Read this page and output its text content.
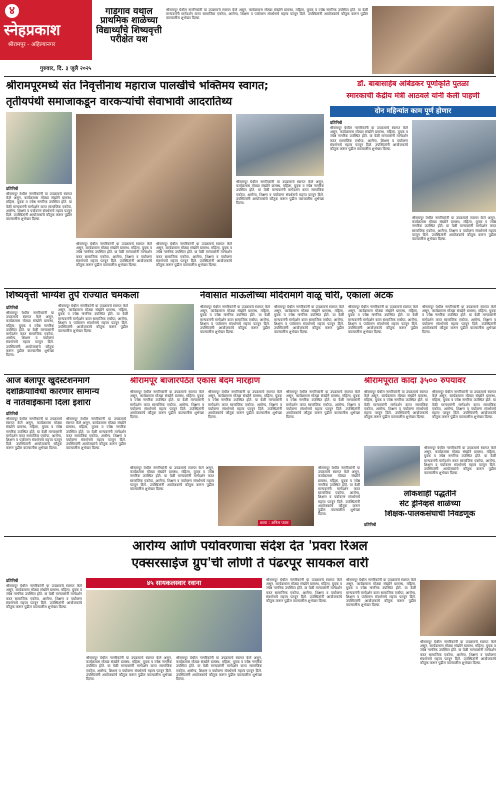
४
स्नेहप्रकाश
श्रीरामपूर - अहिल्यानगर
गुरुवार, दि. ३ जुलै २०२५
गोंडेगाव येथील प्राथमिक शाळेच्या विद्यार्थ्यांचे शिष्यवृत्ती परीक्षेत यश
श्रीरामपूर येथील नागरिकांनी या उपक्रमाचे स्वागत केले असून, कार्यक्रमास मोठ्या संख्येने ग्रामस्थ, महिला, युवक व ज्येष्ठ नागरिक उपस्थित होते. या वेळी मान्यवरांनी मार्गदर्शन करत सामाजिक एकोपा, आरोग्य, शिक्षण व पर्यावरण संवर्धनाचे महत्त्व पटवून दिले. उपस्थितांनी आयोजकांचे कौतुक करून पुढील वाटचालीस शुभेच्छा दिल्या.
श्रीरामपूरमध्ये संत निवृत्तीनाथ महाराज पालखीचे भक्तिमय स्वागत;
तृतीयपंथी समाजाकडून वारकऱ्यांची सेवाभावी आदरातिथ्य
प्रतिनिधी
श्रीरामपूर येथील नागरिकांनी या उपक्रमाचे स्वागत केले असून, कार्यक्रमास मोठ्या संख्येने ग्रामस्थ, महिला, युवक व ज्येष्ठ नागरिक उपस्थित होते. या वेळी मान्यवरांनी मार्गदर्शन करत सामाजिक एकोपा, आरोग्य, शिक्षण व पर्यावरण संवर्धनाचे महत्त्व पटवून दिले. उपस्थितांनी आयोजकांचे कौतुक करून पुढील वाटचालीस शुभेच्छा दिल्या.
श्रीरामपूर येथील नागरिकांनी या उपक्रमाचे स्वागत केले असून, कार्यक्रमास मोठ्या संख्येने ग्रामस्थ, महिला, युवक व ज्येष्ठ नागरिक उपस्थित होते. या वेळी मान्यवरांनी मार्गदर्शन करत सामाजिक एकोपा, आरोग्य, शिक्षण व पर्यावरण संवर्धनाचे महत्त्व पटवून दिले. उपस्थितांनी आयोजकांचे कौतुक करून पुढील वाटचालीस शुभेच्छा दिल्या.
श्रीरामपूर येथील नागरिकांनी या उपक्रमाचे स्वागत केले असून, कार्यक्रमास मोठ्या संख्येने ग्रामस्थ, महिला, युवक व ज्येष्ठ नागरिक उपस्थित होते. या वेळी मान्यवरांनी मार्गदर्शन करत सामाजिक एकोपा, आरोग्य, शिक्षण व पर्यावरण संवर्धनाचे महत्त्व पटवून दिले. उपस्थितांनी आयोजकांचे कौतुक करून पुढील वाटचालीस शुभेच्छा दिल्या.
श्रीरामपूर येथील नागरिकांनी या उपक्रमाचे स्वागत केले असून, कार्यक्रमास मोठ्या संख्येने ग्रामस्थ, महिला, युवक व ज्येष्ठ नागरिक उपस्थित होते. या वेळी मान्यवरांनी मार्गदर्शन करत सामाजिक एकोपा, आरोग्य, शिक्षण व पर्यावरण संवर्धनाचे महत्त्व पटवून दिले. उपस्थितांनी आयोजकांचे कौतुक करून पुढील वाटचालीस शुभेच्छा दिल्या.
डॉ. बाबासाहेब आंबेडकर पूर्णाकृति पुतळा
स्मारकाची केंद्रीय मंत्री आठवले यांनी केली पाहणी
दोन महिन्यांत काम पूर्ण होणार
प्रतिनिधी
श्रीरामपूर येथील नागरिकांनी या उपक्रमाचे स्वागत केले असून, कार्यक्रमास मोठ्या संख्येने ग्रामस्थ, महिला, युवक व ज्येष्ठ नागरिक उपस्थित होते. या वेळी मान्यवरांनी मार्गदर्शन करत सामाजिक एकोपा, आरोग्य, शिक्षण व पर्यावरण संवर्धनाचे महत्त्व पटवून दिले. उपस्थितांनी आयोजकांचे कौतुक करून पुढील वाटचालीस शुभेच्छा दिल्या.
श्रीरामपूर येथील नागरिकांनी या उपक्रमाचे स्वागत केले असून, कार्यक्रमास मोठ्या संख्येने ग्रामस्थ, महिला, युवक व ज्येष्ठ नागरिक उपस्थित होते. या वेळी मान्यवरांनी मार्गदर्शन करत सामाजिक एकोपा, आरोग्य, शिक्षण व पर्यावरण संवर्धनाचे महत्त्व पटवून दिले. उपस्थितांनी आयोजकांचे कौतुक करून पुढील वाटचालीस शुभेच्छा दिल्या.
शिष्यवृत्ती भाग्येश तुपे राज्यात चमकला
प्रतिनिधी
श्रीरामपूर येथील नागरिकांनी या उपक्रमाचे स्वागत केले असून, कार्यक्रमास मोठ्या संख्येने ग्रामस्थ, महिला, युवक व ज्येष्ठ नागरिक उपस्थित होते. या वेळी मान्यवरांनी मार्गदर्शन करत सामाजिक एकोपा, आरोग्य, शिक्षण व पर्यावरण संवर्धनाचे महत्त्व पटवून दिले. उपस्थितांनी आयोजकांचे कौतुक करून पुढील वाटचालीस शुभेच्छा दिल्या.
श्रीरामपूर येथील नागरिकांनी या उपक्रमाचे स्वागत केले असून, कार्यक्रमास मोठ्या संख्येने ग्रामस्थ, महिला, युवक व ज्येष्ठ नागरिक उपस्थित होते. या वेळी मान्यवरांनी मार्गदर्शन करत सामाजिक एकोपा, आरोग्य, शिक्षण व पर्यावरण संवर्धनाचे महत्त्व पटवून दिले. उपस्थितांनी आयोजकांचे कौतुक करून पुढील वाटचालीस शुभेच्छा दिल्या.
नेवासात माऊलींच्या मंदिरामागे वाळू चोरी, एकाला अटक
श्रीरामपूर येथील नागरिकांनी या उपक्रमाचे स्वागत केले असून, कार्यक्रमास मोठ्या संख्येने ग्रामस्थ, महिला, युवक व ज्येष्ठ नागरिक उपस्थित होते. या वेळी मान्यवरांनी मार्गदर्शन करत सामाजिक एकोपा, आरोग्य, शिक्षण व पर्यावरण संवर्धनाचे महत्त्व पटवून दिले. उपस्थितांनी आयोजकांचे कौतुक करून पुढील वाटचालीस शुभेच्छा दिल्या.
श्रीरामपूर येथील नागरिकांनी या उपक्रमाचे स्वागत केले असून, कार्यक्रमास मोठ्या संख्येने ग्रामस्थ, महिला, युवक व ज्येष्ठ नागरिक उपस्थित होते. या वेळी मान्यवरांनी मार्गदर्शन करत सामाजिक एकोपा, आरोग्य, शिक्षण व पर्यावरण संवर्धनाचे महत्त्व पटवून दिले. उपस्थितांनी आयोजकांचे कौतुक करून पुढील वाटचालीस शुभेच्छा दिल्या.
श्रीरामपूर येथील नागरिकांनी या उपक्रमाचे स्वागत केले असून, कार्यक्रमास मोठ्या संख्येने ग्रामस्थ, महिला, युवक व ज्येष्ठ नागरिक उपस्थित होते. या वेळी मान्यवरांनी मार्गदर्शन करत सामाजिक एकोपा, आरोग्य, शिक्षण व पर्यावरण संवर्धनाचे महत्त्व पटवून दिले. उपस्थितांनी आयोजकांचे कौतुक करून पुढील वाटचालीस शुभेच्छा दिल्या.
श्रीरामपूर येथील नागरिकांनी या उपक्रमाचे स्वागत केले असून, कार्यक्रमास मोठ्या संख्येने ग्रामस्थ, महिला, युवक व ज्येष्ठ नागरिक उपस्थित होते. या वेळी मान्यवरांनी मार्गदर्शन करत सामाजिक एकोपा, आरोग्य, शिक्षण व पर्यावरण संवर्धनाचे महत्त्व पटवून दिले. उपस्थितांनी आयोजकांचे कौतुक करून पुढील वाटचालीस शुभेच्छा दिल्या.
आज बेलापूर खुर्दस्टेशनमार्गे
दशक्रियाविधी कारणार सामान्य
व नातेवाईकांनी दिला इशारा
प्रतिनिधी
श्रीरामपूर येथील नागरिकांनी या उपक्रमाचे स्वागत केले असून, कार्यक्रमास मोठ्या संख्येने ग्रामस्थ, महिला, युवक व ज्येष्ठ नागरिक उपस्थित होते. या वेळी मान्यवरांनी मार्गदर्शन करत सामाजिक एकोपा, आरोग्य, शिक्षण व पर्यावरण संवर्धनाचे महत्त्व पटवून दिले. उपस्थितांनी आयोजकांचे कौतुक करून पुढील वाटचालीस शुभेच्छा दिल्या.
श्रीरामपूर येथील नागरिकांनी या उपक्रमाचे स्वागत केले असून, कार्यक्रमास मोठ्या संख्येने ग्रामस्थ, महिला, युवक व ज्येष्ठ नागरिक उपस्थित होते. या वेळी मान्यवरांनी मार्गदर्शन करत सामाजिक एकोपा, आरोग्य, शिक्षण व पर्यावरण संवर्धनाचे महत्त्व पटवून दिले. उपस्थितांनी आयोजकांचे कौतुक करून पुढील वाटचालीस शुभेच्छा दिल्या.
श्रीरामपूर बाजारपेठेत एकास बेदम मारहाण
श्रीरामपूर येथील नागरिकांनी या उपक्रमाचे स्वागत केले असून, कार्यक्रमास मोठ्या संख्येने ग्रामस्थ, महिला, युवक व ज्येष्ठ नागरिक उपस्थित होते. या वेळी मान्यवरांनी मार्गदर्शन करत सामाजिक एकोपा, आरोग्य, शिक्षण व पर्यावरण संवर्धनाचे महत्त्व पटवून दिले. उपस्थितांनी आयोजकांचे कौतुक करून पुढील वाटचालीस शुभेच्छा दिल्या.
श्रीरामपूर येथील नागरिकांनी या उपक्रमाचे स्वागत केले असून, कार्यक्रमास मोठ्या संख्येने ग्रामस्थ, महिला, युवक व ज्येष्ठ नागरिक उपस्थित होते. या वेळी मान्यवरांनी मार्गदर्शन करत सामाजिक एकोपा, आरोग्य, शिक्षण व पर्यावरण संवर्धनाचे महत्त्व पटवून दिले. उपस्थितांनी आयोजकांचे कौतुक करून पुढील वाटचालीस शुभेच्छा दिल्या.
श्रीरामपूर येथील नागरिकांनी या उपक्रमाचे स्वागत केले असून, कार्यक्रमास मोठ्या संख्येने ग्रामस्थ, महिला, युवक व ज्येष्ठ नागरिक उपस्थित होते. या वेळी मान्यवरांनी मार्गदर्शन करत सामाजिक एकोपा, आरोग्य, शिक्षण व पर्यावरण संवर्धनाचे महत्त्व पटवून दिले. उपस्थितांनी आयोजकांचे कौतुक करून पुढील वाटचालीस शुभेच्छा दिल्या.
छाया : अनिल पवार
श्रीरामपूर येथील नागरिकांनी या उपक्रमाचे स्वागत केले असून, कार्यक्रमास मोठ्या संख्येने ग्रामस्थ, महिला, युवक व ज्येष्ठ नागरिक उपस्थित होते. या वेळी मान्यवरांनी मार्गदर्शन करत सामाजिक एकोपा, आरोग्य, शिक्षण व पर्यावरण संवर्धनाचे महत्त्व पटवून दिले. उपस्थितांनी आयोजकांचे कौतुक करून पुढील वाटचालीस शुभेच्छा दिल्या.
श्रीरामपूर येथील नागरिकांनी या उपक्रमाचे स्वागत केले असून, कार्यक्रमास मोठ्या संख्येने ग्रामस्थ, महिला, युवक व ज्येष्ठ नागरिक उपस्थित होते. या वेळी मान्यवरांनी मार्गदर्शन करत सामाजिक एकोपा, आरोग्य, शिक्षण व पर्यावरण संवर्धनाचे महत्त्व पटवून दिले. उपस्थितांनी आयोजकांचे कौतुक करून पुढील वाटचालीस शुभेच्छा दिल्या.
श्रीरामपूरात कांदा ३५०० रुपयांवर
श्रीरामपूर येथील नागरिकांनी या उपक्रमाचे स्वागत केले असून, कार्यक्रमास मोठ्या संख्येने ग्रामस्थ, महिला, युवक व ज्येष्ठ नागरिक उपस्थित होते. या वेळी मान्यवरांनी मार्गदर्शन करत सामाजिक एकोपा, आरोग्य, शिक्षण व पर्यावरण संवर्धनाचे महत्त्व पटवून दिले. उपस्थितांनी आयोजकांचे कौतुक करून पुढील वाटचालीस शुभेच्छा दिल्या.
श्रीरामपूर येथील नागरिकांनी या उपक्रमाचे स्वागत केले असून, कार्यक्रमास मोठ्या संख्येने ग्रामस्थ, महिला, युवक व ज्येष्ठ नागरिक उपस्थित होते. या वेळी मान्यवरांनी मार्गदर्शन करत सामाजिक एकोपा, आरोग्य, शिक्षण व पर्यावरण संवर्धनाचे महत्त्व पटवून दिले. उपस्थितांनी आयोजकांचे कौतुक करून पुढील वाटचालीस शुभेच्छा दिल्या.
श्रीरामपूर येथील नागरिकांनी या उपक्रमाचे स्वागत केले असून, कार्यक्रमास मोठ्या संख्येने ग्रामस्थ, महिला, युवक व ज्येष्ठ नागरिक उपस्थित होते. या वेळी मान्यवरांनी मार्गदर्शन करत सामाजिक एकोपा, आरोग्य, शिक्षण व पर्यावरण संवर्धनाचे महत्त्व पटवून दिले. उपस्थितांनी आयोजकांचे कौतुक करून पुढील वाटचालीस शुभेच्छा दिल्या.
लोकशाही पद्धतीने
सेंट ड्रेनिव्हर्स शाळेच्या
शिक्षक-पालकसंघाची निवडणूक
प्रतिनिधी
आरोग्य आणि पर्यावरणाचा संदेश देत 'प्रवरा रिअल
एक्सरसाईज ग्रुप'ची लोणी ते पंढरपूर सायकल वारी
प्रतिनिधी
श्रीरामपूर येथील नागरिकांनी या उपक्रमाचे स्वागत केले असून, कार्यक्रमास मोठ्या संख्येने ग्रामस्थ, महिला, युवक व ज्येष्ठ नागरिक उपस्थित होते. या वेळी मान्यवरांनी मार्गदर्शन करत सामाजिक एकोपा, आरोग्य, शिक्षण व पर्यावरण संवर्धनाचे महत्त्व पटवून दिले. उपस्थितांनी आयोजकांचे कौतुक करून पुढील वाटचालीस शुभेच्छा दिल्या.
४५ सायकलस्वार रवाना
श्रीरामपूर येथील नागरिकांनी या उपक्रमाचे स्वागत केले असून, कार्यक्रमास मोठ्या संख्येने ग्रामस्थ, महिला, युवक व ज्येष्ठ नागरिक उपस्थित होते. या वेळी मान्यवरांनी मार्गदर्शन करत सामाजिक एकोपा, आरोग्य, शिक्षण व पर्यावरण संवर्धनाचे महत्त्व पटवून दिले. उपस्थितांनी आयोजकांचे कौतुक करून पुढील वाटचालीस शुभेच्छा दिल्या.
श्रीरामपूर येथील नागरिकांनी या उपक्रमाचे स्वागत केले असून, कार्यक्रमास मोठ्या संख्येने ग्रामस्थ, महिला, युवक व ज्येष्ठ नागरिक उपस्थित होते. या वेळी मान्यवरांनी मार्गदर्शन करत सामाजिक एकोपा, आरोग्य, शिक्षण व पर्यावरण संवर्धनाचे महत्त्व पटवून दिले. उपस्थितांनी आयोजकांचे कौतुक करून पुढील वाटचालीस शुभेच्छा दिल्या.
श्रीरामपूर येथील नागरिकांनी या उपक्रमाचे स्वागत केले असून, कार्यक्रमास मोठ्या संख्येने ग्रामस्थ, महिला, युवक व ज्येष्ठ नागरिक उपस्थित होते. या वेळी मान्यवरांनी मार्गदर्शन करत सामाजिक एकोपा, आरोग्य, शिक्षण व पर्यावरण संवर्धनाचे महत्त्व पटवून दिले. उपस्थितांनी आयोजकांचे कौतुक करून पुढील वाटचालीस शुभेच्छा दिल्या.
श्रीरामपूर येथील नागरिकांनी या उपक्रमाचे स्वागत केले असून, कार्यक्रमास मोठ्या संख्येने ग्रामस्थ, महिला, युवक व ज्येष्ठ नागरिक उपस्थित होते. या वेळी मान्यवरांनी मार्गदर्शन करत सामाजिक एकोपा, आरोग्य, शिक्षण व पर्यावरण संवर्धनाचे महत्त्व पटवून दिले. उपस्थितांनी आयोजकांचे कौतुक करून पुढील वाटचालीस शुभेच्छा दिल्या.
श्रीरामपूर येथील नागरिकांनी या उपक्रमाचे स्वागत केले असून, कार्यक्रमास मोठ्या संख्येने ग्रामस्थ, महिला, युवक व ज्येष्ठ नागरिक उपस्थित होते. या वेळी मान्यवरांनी मार्गदर्शन करत सामाजिक एकोपा, आरोग्य, शिक्षण व पर्यावरण संवर्धनाचे महत्त्व पटवून दिले. उपस्थितांनी आयोजकांचे कौतुक करून पुढील वाटचालीस शुभेच्छा दिल्या.
